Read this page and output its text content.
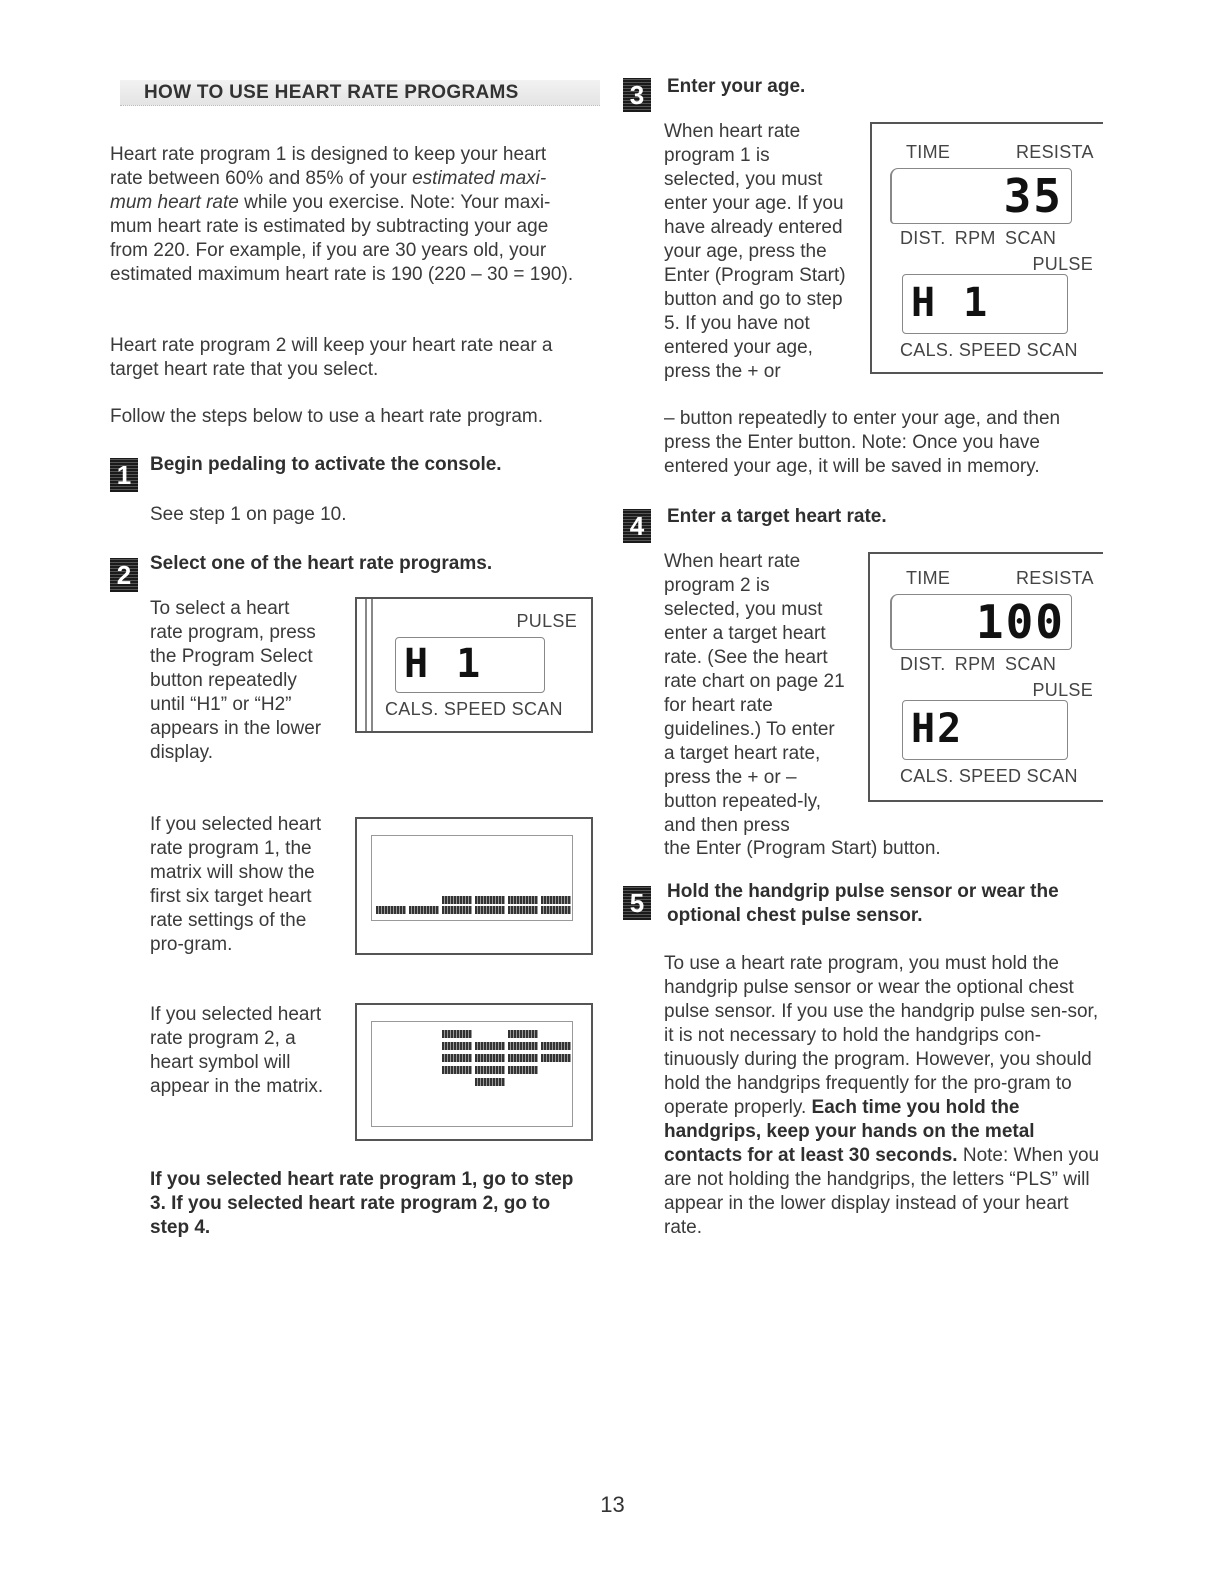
HOW TO USE HEART RATE PROGRAMS

Heart rate program 1 is designed to keep your heart rate between 60% and 85% of your estimated maxi-mum heart rate while you exercise. Note: Your maxi-mum heart rate is estimated by subtracting your age from 220. For example, if you are 30 years old, your estimated maximum heart rate is 190 (220 – 30 = 190).

Heart rate program 2 will keep your heart rate near a target heart rate that you select.

Follow the steps below to use a heart rate program.

1 Begin pedaling to activate the console.

See step 1 on page 10.

2 Select one of the heart rate programs.

To select a heart rate program, press the Program Select button repeatedly until “H1” or “H2” appears in the lower display.

PULSE
H 1
CALS. SPEED SCAN

If you selected heart rate program 1, the matrix will show the first six target heart rate settings of the pro-gram.

If you selected heart rate program 2, a heart symbol will appear in the matrix.

If you selected heart rate program 1, go to step 3. If you selected heart rate program 2, go to step 4.

3	Enter your age.

When heart rate program 1 is selected, you must enter your age. If you have already entered your age, press the Enter (Program Start) button and go to step 5. If you have not entered your age, press the + or

– button repeatedly to enter your age, and then press the Enter button. Note: Once you have entered your age, it will be saved in memory.

TIME	RESISTA
35
DIST. RPM SCAN
PULSE
H 1
CALS. SPEED SCAN
4	Enter a target heart rate.

When heart rate program 2 is selected, you must enter a target heart rate. (See the heart rate chart on page 21 for heart rate guidelines.) To enter a target heart rate, press the + or – button repeated-ly, and then press

the Enter (Program Start) button.

TIME	RESISTA
100
DIST. RPM SCAN
PULSE
H2
CALS. SPEED SCAN
5	Hold the handgrip pulse sensor or wear the optional chest pulse sensor.

To use a heart rate program, you must hold the handgrip pulse sensor or wear the optional chest pulse sensor. If you use the handgrip pulse sen-sor, it is not necessary to hold the handgrips con-tinuously during the program. However, you should hold the handgrips frequently for the pro-gram to operate properly. Each time you hold the handgrips, keep your hands on the metal contacts for at least 30 seconds. Note: When you are not holding the handgrips, the letters “PLS” will appear in the lower display instead of your heart rate.

13
